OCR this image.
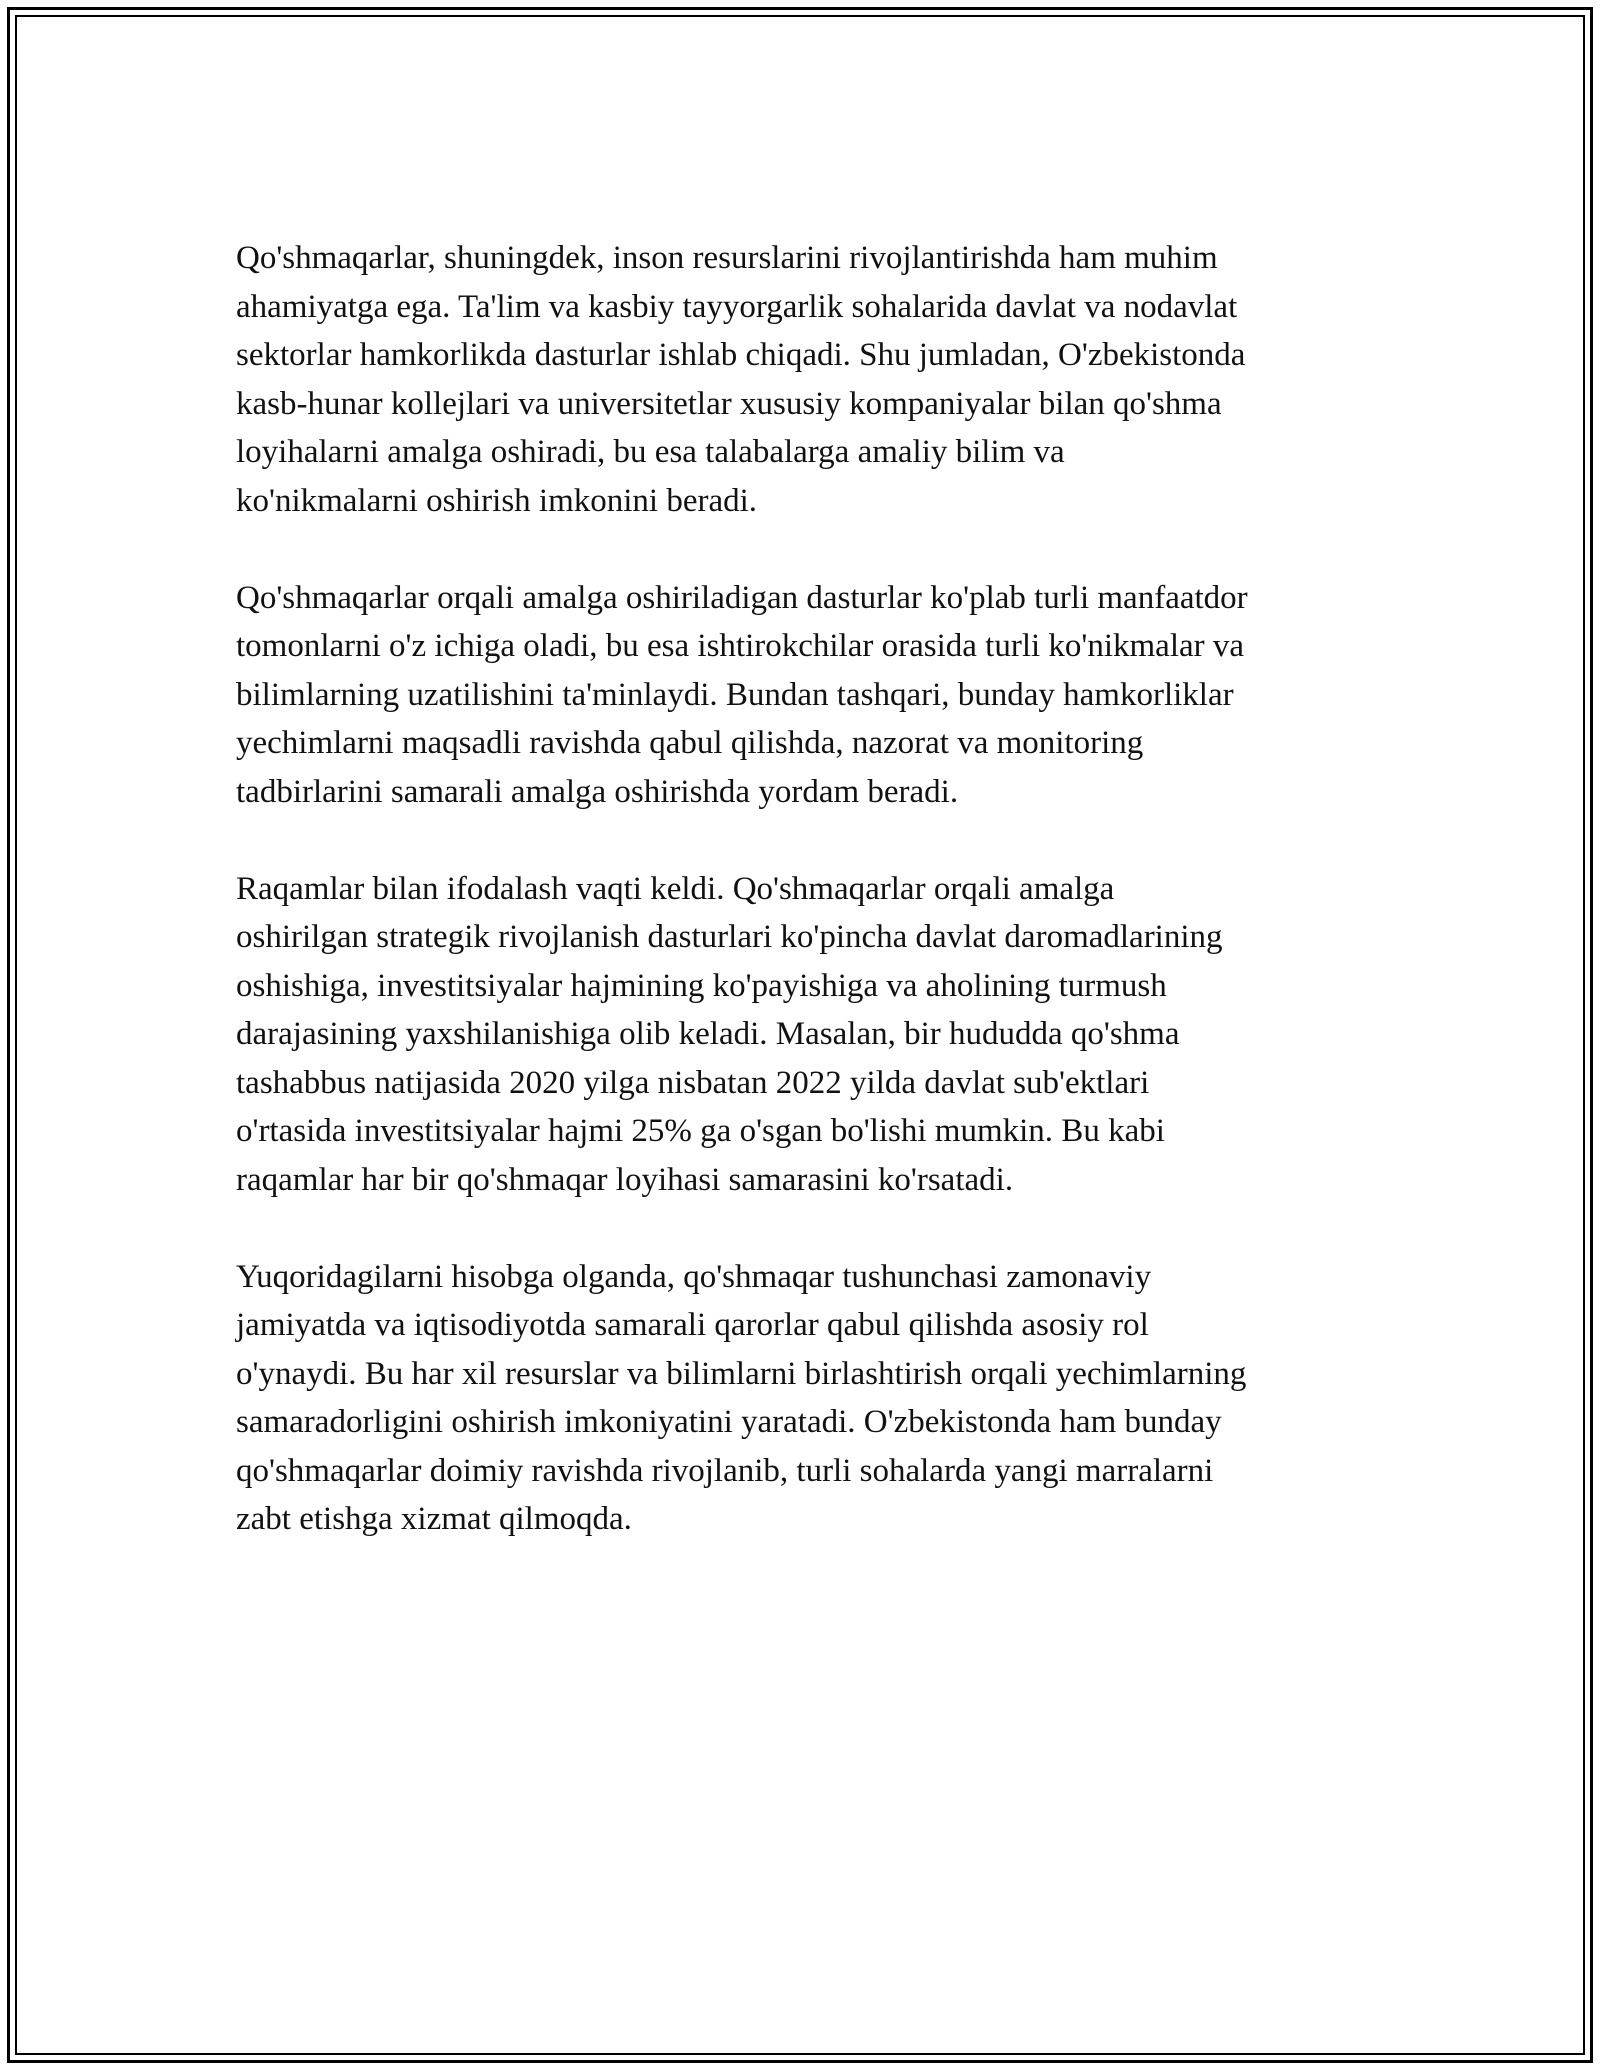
Qo'shmaqarlar, shuningdek, inson resurslarini rivojlantirishda ham muhim
ahamiyatga ega. Ta'lim va kasbiy tayyorgarlik sohalarida davlat va nodavlat
sektorlar hamkorlikda dasturlar ishlab chiqadi. Shu jumladan, O'zbekistonda
kasb-hunar kollejlari va universitetlar xususiy kompaniyalar bilan qo'shma
loyihalarni amalga oshiradi, bu esa talabalarga amaliy bilim va
ko'nikmalarni oshirish imkonini beradi.

Qo'shmaqarlar orqali amalga oshiriladigan dasturlar ko'plab turli manfaatdor
tomonlarni o'z ichiga oladi, bu esa ishtirokchilar orasida turli ko'nikmalar va
bilimlarning uzatilishini ta'minlaydi. Bundan tashqari, bunday hamkorliklar
yechimlarni maqsadli ravishda qabul qilishda, nazorat va monitoring
tadbirlarini samarali amalga oshirishda yordam beradi.

Raqamlar bilan ifodalash vaqti keldi. Qo'shmaqarlar orqali amalga
oshirilgan strategik rivojlanish dasturlari ko'pincha davlat daromadlarining
oshishiga, investitsiyalar hajmining ko'payishiga va aholining turmush
darajasining yaxshilanishiga olib keladi. Masalan, bir hududda qo'shma
tashabbus natijasida 2020 yilga nisbatan 2022 yilda davlat sub'ektlari
o'rtasida investitsiyalar hajmi 25% ga o'sgan bo'lishi mumkin. Bu kabi
raqamlar har bir qo'shmaqar loyihasi samarasini ko'rsatadi.

Yuqoridagilarni hisobga olganda, qo'shmaqar tushunchasi zamonaviy
jamiyatda va iqtisodiyotda samarali qarorlar qabul qilishda asosiy rol
o'ynaydi. Bu har xil resurslar va bilimlarni birlashtirish orqali yechimlarning
samaradorligini oshirish imkoniyatini yaratadi. O'zbekistonda ham bunday
qo'shmaqarlar doimiy ravishda rivojlanib, turli sohalarda yangi marralarni
zabt etishga xizmat qilmoqda.
